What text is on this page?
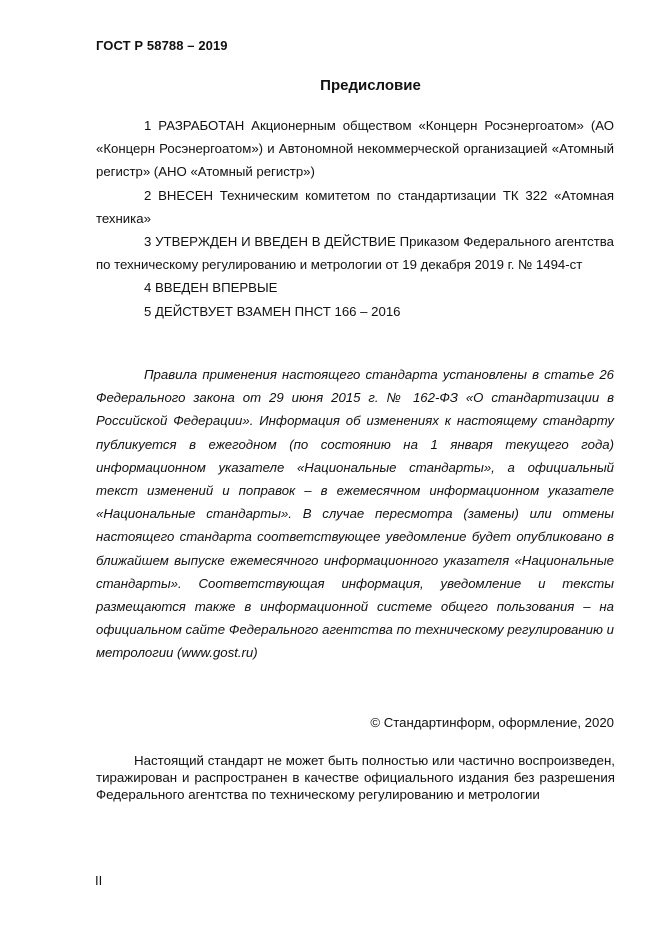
ГОСТ Р 58788 – 2019
Предисловие

1 РАЗРАБОТАН Акционерным обществом «Концерн Росэнергоатом» (АО «Концерн Росэнергоатом») и Автономной некоммерческой организацией «Атомный регистр» (АНО «Атомный регистр»)

2 ВНЕСЕН Техническим комитетом по стандартизации ТК 322 «Атомная техника»

3 УТВЕРЖДЕН И ВВЕДЕН В ДЕЙСТВИЕ Приказом Федерального агентства по техническому регулированию и метрологии от 19 декабря 2019 г. № 1494-ст

4 ВВЕДЕН ВПЕРВЫЕ

5 ДЕЙСТВУЕТ ВЗАМЕН ПНСТ 166 – 2016

Правила применения настоящего стандарта установлены в статье 26 Федерального закона от 29 июня 2015 г. № 162-ФЗ «О стандартизации в Российской Федерации». Информация об изменениях к настоящему стандарту публикуется в ежегодном (по состоянию на 1 января текущего года) информационном указателе «Национальные стандарты», а официальный текст изменений и поправок – в ежемесячном информационном указателе «Национальные стандарты». В случае пересмотра (замены) или отмены настоящего стандарта соответствующее уведомление будет опубликовано в ближайшем выпуске ежемесячного информационного указателя «Национальные стандарты». Соответствующая информация, уведомление и тексты размещаются также в информационной системе общего пользования – на официальном сайте Федерального агентства по техническому регулированию и метрологии (www.gost.ru)

© Стандартинформ, оформление, 2020

Настоящий стандарт не может быть полностью или частично воспроизведен, тиражирован и распространен в качестве официального издания без разрешения Федерального агентства по техническому регулированию и метрологии

II
